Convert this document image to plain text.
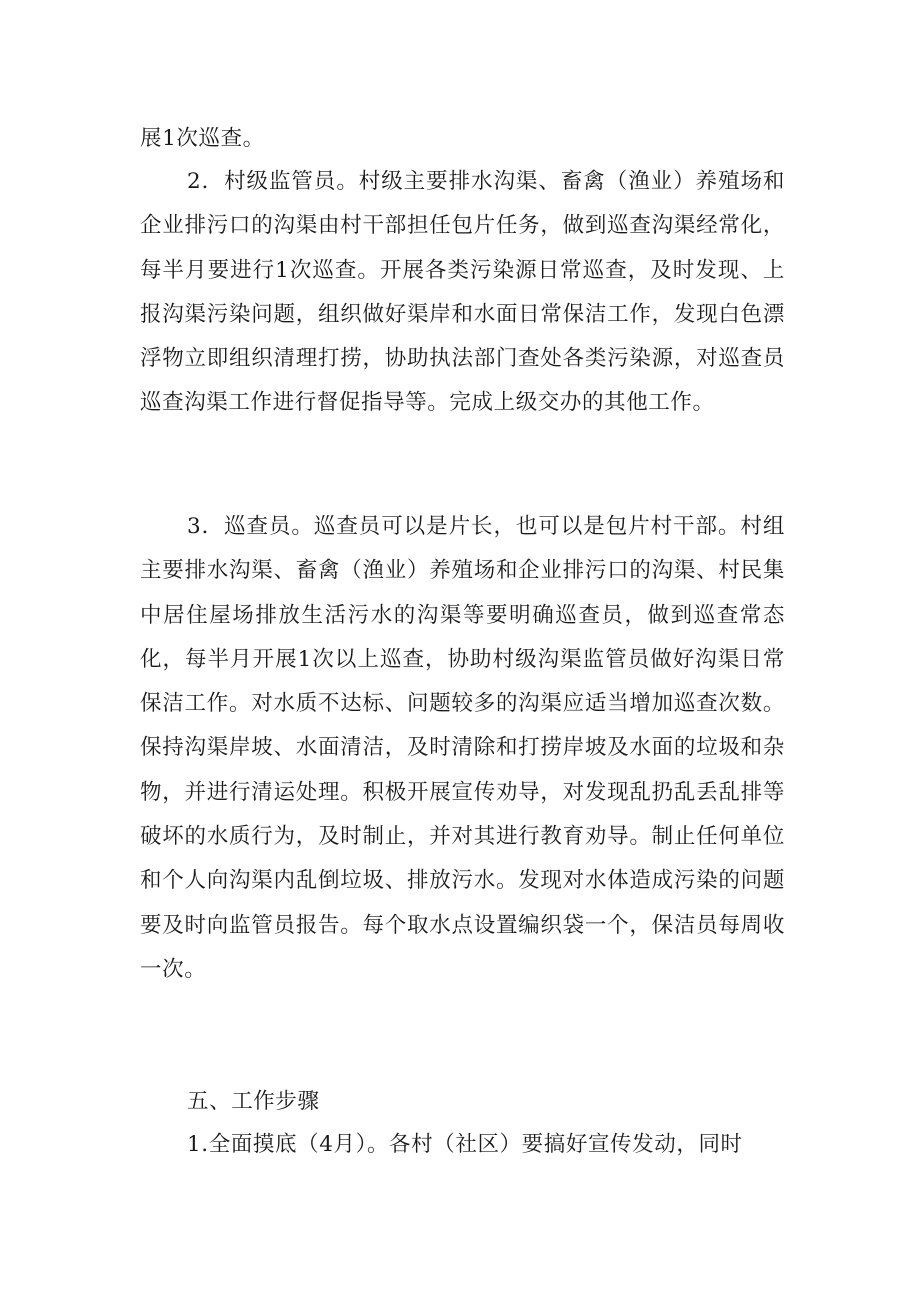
展1次巡查。

2．村级监管员。村级主要排水沟渠、畜禽（渔业）养殖场和企业排污口的沟渠由村干部担任包片任务，做到巡查沟渠经常化，每半月要进行1次巡查。开展各类污染源日常巡查，及时发现、上报沟渠污染问题，组织做好渠岸和水面日常保洁工作，发现白色漂浮物立即组织清理打捞，协助执法部门查处各类污染源，对巡查员巡查沟渠工作进行督促指导等。完成上级交办的其他工作。

3．巡查员。巡查员可以是片长，也可以是包片村干部。村组主要排水沟渠、畜禽（渔业）养殖场和企业排污口的沟渠、村民集中居住屋场排放生活污水的沟渠等要明确巡查员，做到巡查常态化，每半月开展1次以上巡查，协助村级沟渠监管员做好沟渠日常保洁工作。对水质不达标、问题较多的沟渠应适当增加巡查次数。保持沟渠岸坡、水面清洁，及时清除和打捞岸坡及水面的垃圾和杂物，并进行清运处理。积极开展宣传劝导，对发现乱扔乱丢乱排等破坏的水质行为，及时制止，并对其进行教育劝导。制止任何单位和个人向沟渠内乱倒垃圾、排放污水。发现对水体造成污染的问题要及时向监管员报告。每个取水点设置编织袋一个，保洁员每周收一次。

五、工作步骤

1.全面摸底（4月）。各村（社区）要搞好宣传发动，同时
